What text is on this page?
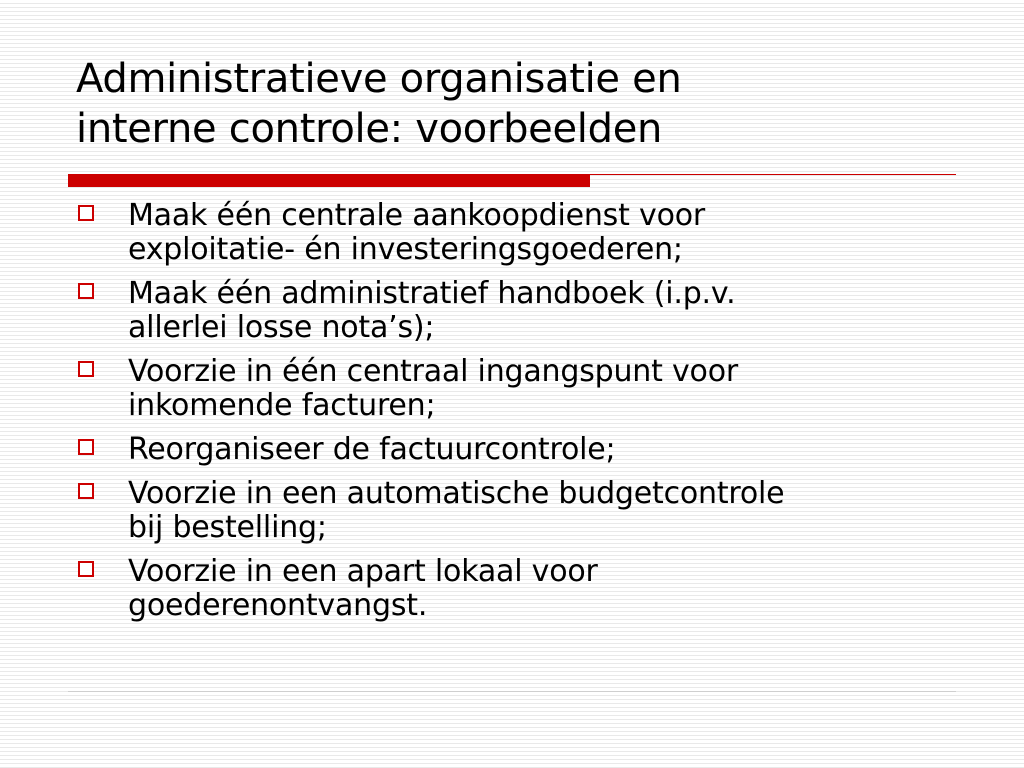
Administratieve organisatie en
interne controle: voorbeelden
Maak één centrale aankoopdienst voor
exploitatie- én investeringsgoederen;
Maak één administratief handboek (i.p.v.
allerlei losse nota’s);
Voorzie in één centraal ingangspunt voor
inkomende facturen;
Reorganiseer de factuurcontrole;
Voorzie in een automatische budgetcontrole
bij bestelling;
Voorzie in een apart lokaal voor
goederenontvangst.
